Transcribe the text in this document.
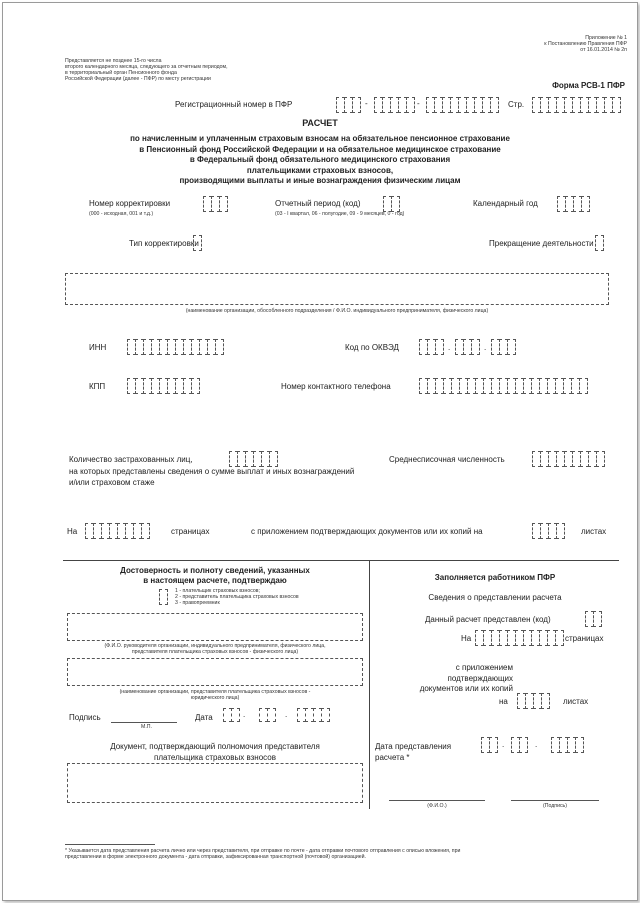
Приложение № 1
к Постановлению Правления ПФР
от 16.01.2014 № 2п
Представляется не позднее 15-го числа
второго календарного месяца, следующего за отчетным периодом,
в территориальный орган Пенсионного фонда
Российской Федерации (далее - ПФР) по месту регистрации
Форма РСВ-1 ПФР
Регистрационный номер в ПФР	-	-	Стр.
РАСЧЕТ
по начисленным и уплаченным страховым взносам на обязательное пенсионное страхование
в Пенсионный фонд Российской Федерации и на обязательное медицинское страхование
в Федеральный фонд обязательного медицинского страхования
плательщиками страховых взносов,
производящими выплаты и иные вознаграждения физическим лицам
Номер корректировки
(000 - исходная, 001 и т.д.)
Отчетный период (код)
(03 - I квартал, 06 - полугодие, 09 - 9 месяцев, 0 - год)
Календарный год
Тип корректировки	Прекращение деятельности
(наименование организации, обособленного подразделения / Ф.И.О. индивидуального предпринимателя, физического лица)
ИНН	Код по ОКВЭД	.	.
КПП	Номер контактного телефона
Количество застрахованных лиц,
на которых представлены сведения о сумме выплат и иных вознаграждений
и/или страховом стаже
Среднесписочная численность
На	страницах	с приложением подтверждающих документов или их копий на	листах
Достоверность и полноту сведений, указанных
в настоящем расчете, подтверждаю
1 - плательщик страховых взносов;
2 - представитель плательщика страховых взносов
3 - правопреемник
(Ф.И.О. руководителя организации, индивидуального предпринимателя, физического лица,
представителя плательщика страховых взносов - физического лица)
(наименование организации, представителя плательщика страховых взносов -
юридического лица)
Подпись
М.П.
Дата	.	.
Документ, подтверждающий полномочия представителя
плательщика страховых взносов
Заполняется работником ПФР
Сведения о представлении расчета
Данный расчет представлен (код)
На	страницах
с приложением
подтверждающих
документов или их копий
на	листах
Дата представления
расчета *
.	.
(Ф.И.О.)	(Подпись)
* Указывается дата представления расчета лично или через представителя, при отправке по почте - дата отправки почтового отправления с описью вложения, при
представлении в форме электронного документа - дата отправки, зафиксированная транспортной (почтовой) организацией.
